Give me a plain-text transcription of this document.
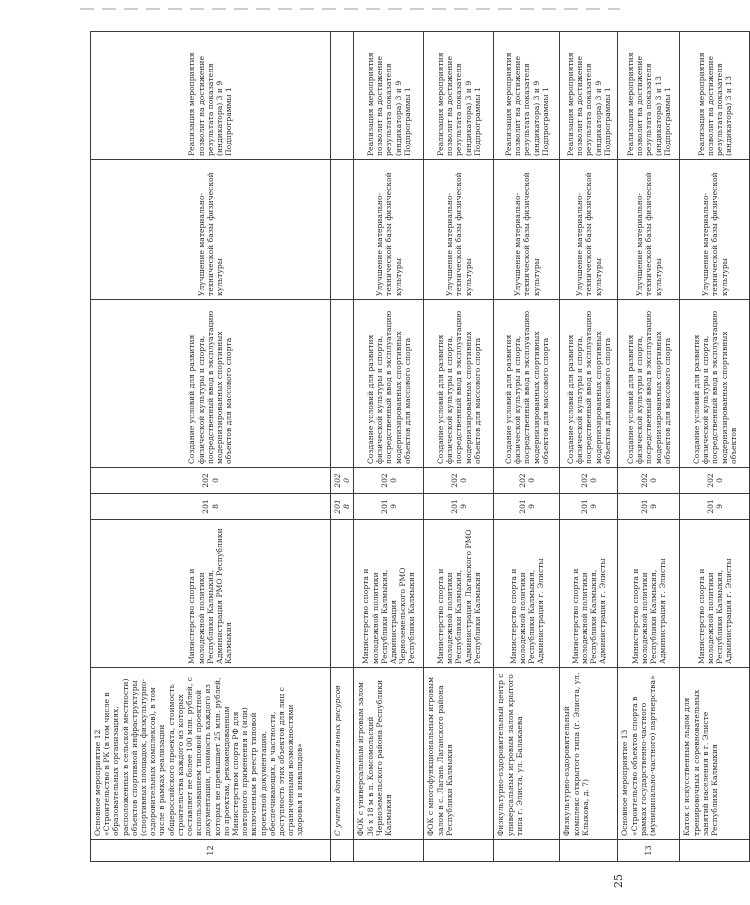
12	Основное мероприятие 12 «Строительство в РК (в том числе в образовательных организациях, расположенных в сельской местности) объектов спортивной инфраструктуры (спортивных площадок, физкультурно-оздоровительных комплексов), в том числе в рамках реализации общероссийского проекта, стоимость строительства каждого из которых составляет не более 100 млн. рублей, с использованием типовой проектной документации, стоимость каждого из которых не превышает 25 млн. рублей, по проектам, рекомендованным Министерством спорта РФ для повторного применения и (или) включенным в реестр типовой проектной документации, обеспечивающих, в частности, доступность этих объектов для лиц с ограниченными возможностями здоровья и инвалидов»	Министерство спорта и молодежной политики Республики Калмыкия, Администрация РМО Республики Калмыкия	2018	2020	Создание условий для развития физической культуры и спорта, посредственный ввод в эксплуатацию модернизированных спортивных объектов для массового спорта	Улучшение материально-технической базы физической культуры	Реализация мероприятия позволит на достижение результата показателя (индикатора) 3 и 9 Подпрограммы 1
	С учетом дополнительных ресурсов		2018	2020			
	ФОК с универсальным игровым залом 36 х 18 м в п. Комсомольский Черноземельского района Республики Калмыкия	Министерство спорта и молодежной политики Республики Калмыкия, Администрация Черноземельского РМО Республики Калмыкия	2019	2020	Создание условий для развития физической культуры и спорта, посредственный ввод в эксплуатацию модернизированных спортивных объектов для массового спорта	Улучшение материально-технической базы физической культуры	Реализация мероприятия позволит на достижение результата показателя (индикатора) 3 и 9 Подпрограммы 1
	ФОК с многофункциональным игровым залом в с. Лагань Лаганского района Республики Калмыкия	Министерство спорта и молодежной политики Республики Калмыкия, Администрация Лаганского РМО Республики Калмыкия	2019	2020	Создание условий для развития физической культуры и спорта, посредственный ввод в эксплуатацию модернизированных спортивных объектов для массового спорта	Улучшение материально-технической базы физической культуры	Реализация мероприятия позволит на достижение результата показателя (индикатора) 3 и 9 Подпрограммы 1
	Физкультурно-оздоровительный центр с универсальным игровым залом крытого типа г. Элиста, ул. Балакаева	Министерство спорта и молодежной политики Республики Калмыкия, Администрация г. Элисты	2019	2020	Создание условий для развития физической культуры и спорта, посредственный ввод в эксплуатацию модернизированных спортивных объектов для массового спорта	Улучшение материально-технической базы физической культуры	Реализация мероприятия позволит на достижение результата показателя (индикатора) 3 и 9 Подпрограммы 1
	Физкультурно-оздоровительный комплекс открытого типа (г. Элиста, ул. Клыкова, д. 7)	Министерство спорта и молодежной политики Республики Калмыкия, Администрация г. Элисты	2019	2020	Создание условий для развития физической культуры и спорта, посредственный ввод в эксплуатацию модернизированных спортивных объектов для массового спорта	Улучшение материально-технической базы физической культуры	Реализация мероприятия позволит на достижение результата показателя (индикатора) 3 и 9 Подпрограммы 1
13	Основное мероприятие 13 «Строительство объектов спорта в рамках государственно-частного (муниципально-частного) партнерства»	Министерство спорта и молодежной политики Республики Калмыкия, Администрация г. Элисты	2019	2020	Создание условий для развития физической культуры и спорта, посредственный ввод в эксплуатацию модернизированных спортивных объектов для массового спорта	Улучшение материально-технической базы физической культуры	Реализация мероприятия позволит на достижение результата показателя (индикатора) 3 и 13 Подпрограммы 1
	Каток с искусственным льдом для тренировочных и соревновательных занятий населения в г. Элисте Республики Калмыкия	Министерство спорта и молодежной политики Республики Калмыкия, Администрация г. Элисты	2019	2020	Создание условий для развития физической культуры и спорта, посредственный ввод в эксплуатацию модернизированных спортивных объектов	Улучшение материально-технической базы физической культуры	Реализация мероприятия позволит на достижение результата показателя (индикатора) 3 и 13
25
